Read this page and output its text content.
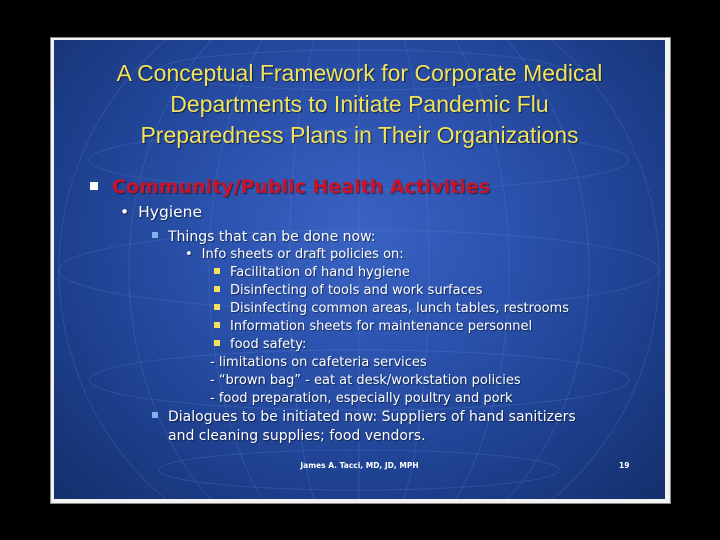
A Conceptual Framework for Corporate Medical
Departments to Initiate Pandemic Flu
Preparedness Plans in Their Organizations
Community/Public Health Activities
• Hygiene
Things that can be done now:
• Info sheets or draft policies on:
Facilitation of hand hygiene
Disinfecting of tools and work surfaces
Disinfecting common areas, lunch tables, restrooms
Information sheets for maintenance personnel
food safety:
- limitations on cafeteria services
- “brown bag” - eat at desk/workstation policies
- food preparation, especially poultry and pork
Dialogues to be initiated now: Suppliers of hand sanitizers
and cleaning supplies; food vendors.
James A. Tacci, MD, JD, MPH	19
